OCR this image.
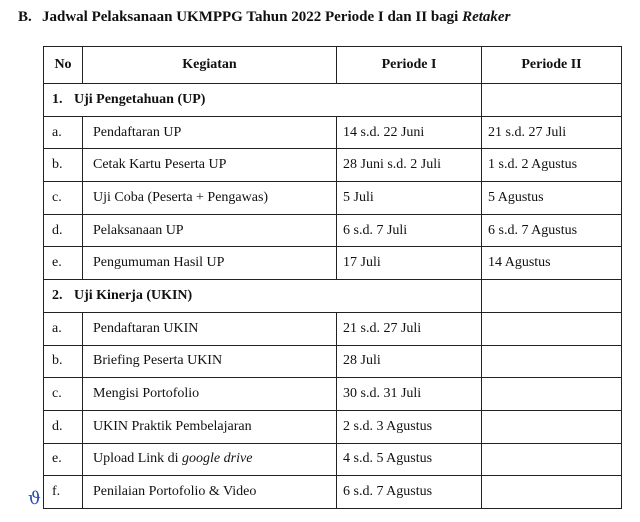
B. Jadwal Pelaksanaan UKMPPG Tahun 2022 Periode I dan II bagi Retaker
No	Kegiatan	Periode I	Periode II
1. Uji Pengetahuan (UP)			
a.	Pendaftaran UP	14 s.d. 22 Juni	21 s.d. 27 Juli
b.	Cetak Kartu Peserta UP	28 Juni s.d. 2 Juli	1 s.d. 2 Agustus
c.	Uji Coba (Peserta + Pengawas)	5 Juli	5 Agustus
d.	Pelaksanaan UP	6 s.d. 7 Juli	6 s.d. 7 Agustus
e.	Pengumuman Hasil UP	17 Juli	14 Agustus
2. Uji Kinerja (UKIN)			
a.	Pendaftaran UKIN	21 s.d. 27 Juli	
b.	Briefing Peserta UKIN	28 Juli	
c.	Mengisi Portofolio	30 s.d. 31 Juli	
d.	UKIN Praktik Pembelajaran	2 s.d. 3 Agustus	
e.	Upload Link di google drive	4 s.d. 5 Agustus	
f.	Penilaian Portofolio & Video	6 s.d. 7 Agustus	
ϑ
